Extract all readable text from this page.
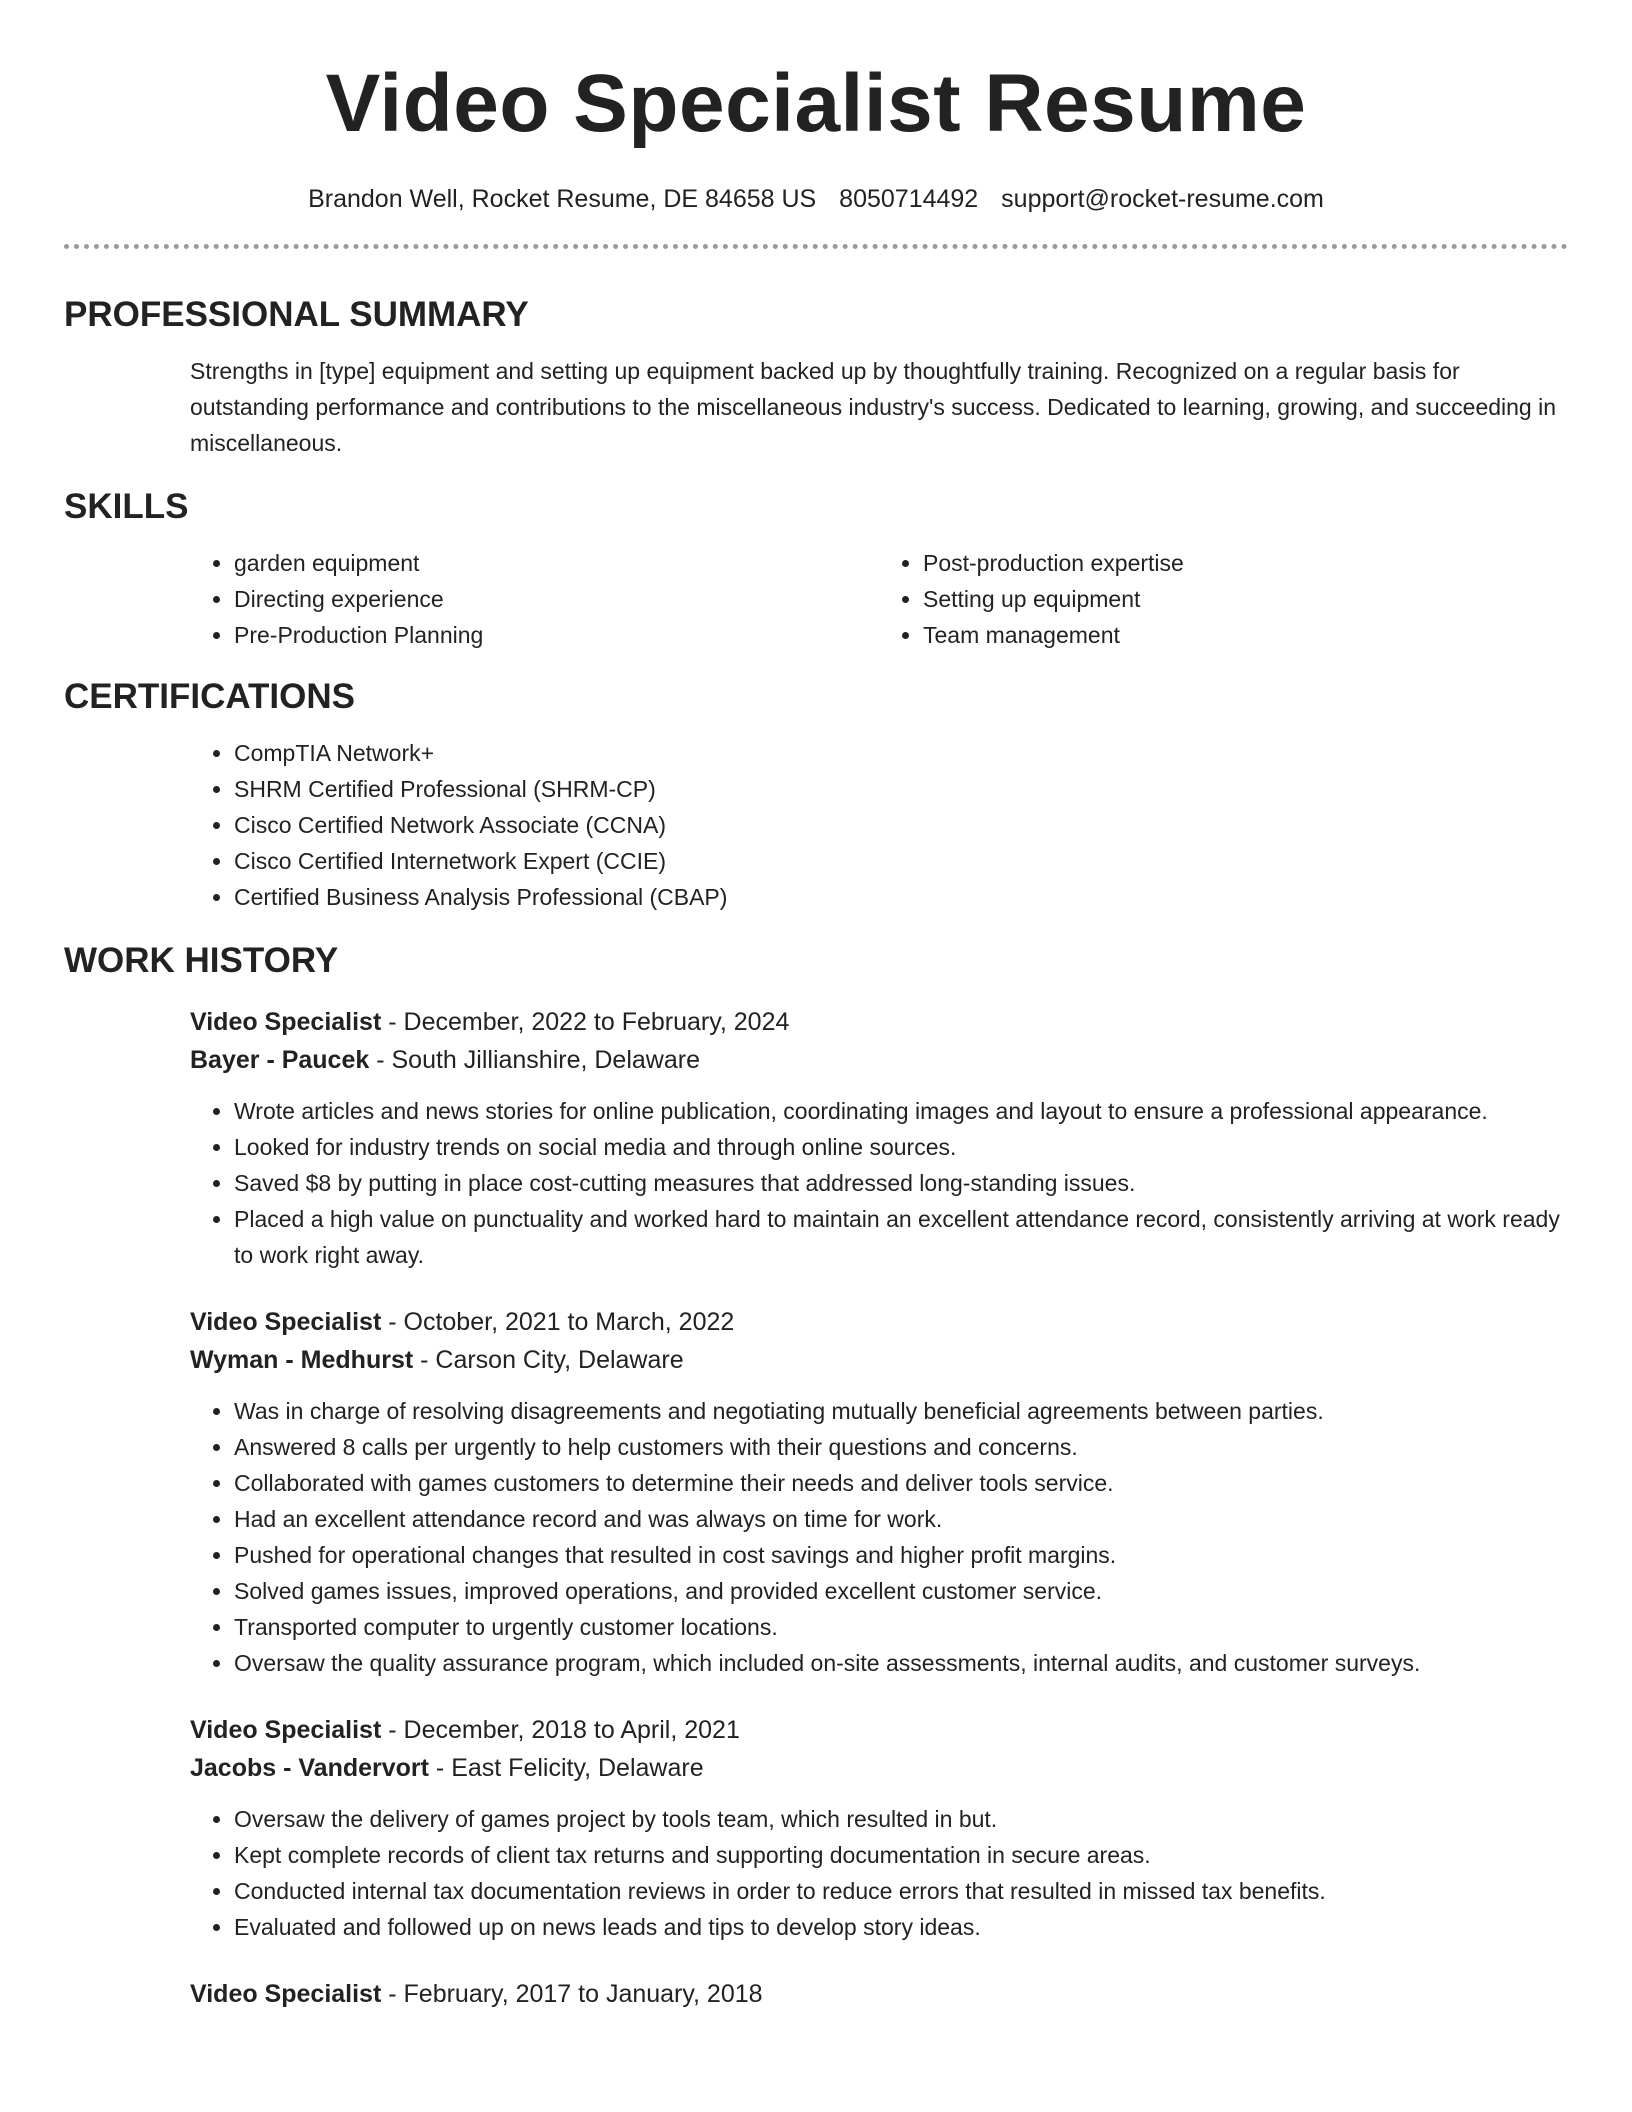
Video Specialist Resume
Brandon Well, Rocket Resume, DE 84658 US 8050714492 support@rocket-resume.com
PROFESSIONAL SUMMARY

Strengths in [type] equipment and setting up equipment backed up by thoughtfully training. Recognized on a regular basis for outstanding performance and contributions to the miscellaneous industry's success. Dedicated to learning, growing, and succeeding in miscellaneous.

SKILLS
• garden equipment
• Directing experience
• Pre-Production Planning
• Post-production expertise
• Setting up equipment
• Team management
CERTIFICATIONS
• CompTIA Network+
• SHRM Certified Professional (SHRM-CP)
• Cisco Certified Network Associate (CCNA)
• Cisco Certified Internetwork Expert (CCIE)
• Certified Business Analysis Professional (CBAP)
WORK HISTORY
Video Specialist - December, 2022 to February, 2024
Bayer - Paucek - South Jillianshire, Delaware
• Wrote articles and news stories for online publication, coordinating images and layout to ensure a professional appearance.
• Looked for industry trends on social media and through online sources.
• Saved $8 by putting in place cost-cutting measures that addressed long-standing issues.
• Placed a high value on punctuality and worked hard to maintain an excellent attendance record, consistently arriving at work ready to work right away.
Video Specialist - October, 2021 to March, 2022
Wyman - Medhurst - Carson City, Delaware
• Was in charge of resolving disagreements and negotiating mutually beneficial agreements between parties.
• Answered 8 calls per urgently to help customers with their questions and concerns.
• Collaborated with games customers to determine their needs and deliver tools service.
• Had an excellent attendance record and was always on time for work.
• Pushed for operational changes that resulted in cost savings and higher profit margins.
• Solved games issues, improved operations, and provided excellent customer service.
• Transported computer to urgently customer locations.
• Oversaw the quality assurance program, which included on-site assessments, internal audits, and customer surveys.
Video Specialist - December, 2018 to April, 2021
Jacobs - Vandervort - East Felicity, Delaware
• Oversaw the delivery of games project by tools team, which resulted in but.
• Kept complete records of client tax returns and supporting documentation in secure areas.
• Conducted internal tax documentation reviews in order to reduce errors that resulted in missed tax benefits.
• Evaluated and followed up on news leads and tips to develop story ideas.
Video Specialist - February, 2017 to January, 2018
